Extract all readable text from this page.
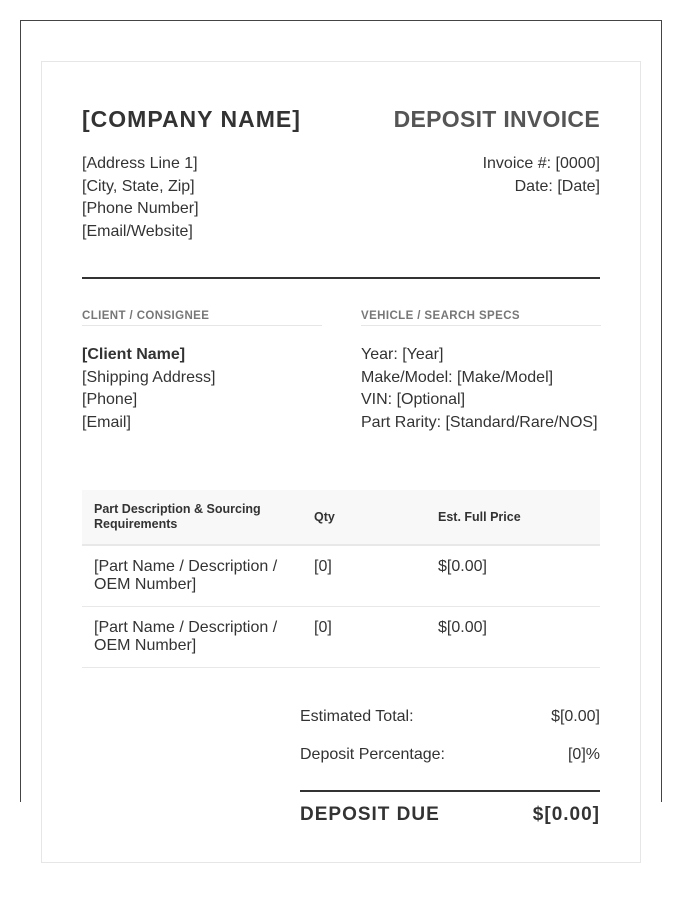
[COMPANY NAME]	DEPOSIT INVOICE
[Address Line 1]
[City, State, Zip]
[Phone Number]
[Email/Website]
Invoice #: [0000]
Date: [Date]
CLIENT / CONSIGNEE
[Client Name]
[Shipping Address]
[Phone]
[Email]
VEHICLE / SEARCH SPECS
Year: [Year]
Make/Model: [Make/Model]
VIN: [Optional]
Part Rarity: [Standard/Rare/NOS]
Part Description & Sourcing Requirements	Qty	Est. Full Price
[Part Name / Description / OEM Number]	[0]	$[0.00]
[Part Name / Description / OEM Number]	[0]	$[0.00]
Estimated Total:	$[0.00]
Deposit Percentage:	[0]%
DEPOSIT DUE	$[0.00]
